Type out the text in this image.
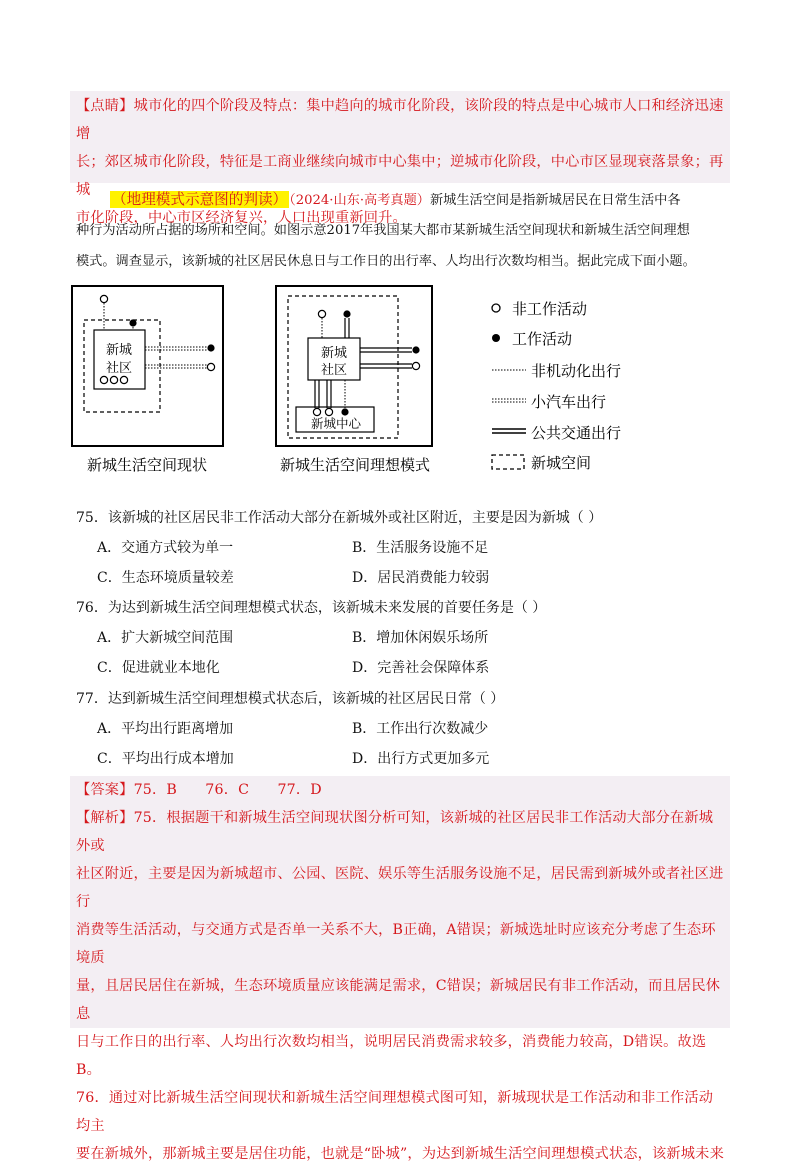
【点睛】城市化的四个阶段及特点：集中趋向的城市化阶段，该阶段的特点是中心城市人口和经济迅速增
长；郊区城市化阶段，特征是工商业继续向城市中心集中；逆城市化阶段，中心市区显现衰落景象；再城
市化阶段，中心市区经济复兴，人口出现重新回升。
（地理模式示意图的判读） （2024·山东·高考真题）新城生活空间是指新城居民在日常生活中各
种行为活动所占据的场所和空间。如图示意2017年我国某大都市某新城生活空间现状和新城生活空间理想
模式。调查显示，该新城的社区居民休息日与工作日的出行率、人均出行次数均相当。据此完成下面小题。
新城
社区
新城生活空间现状
新城
社区
新城中心
新城生活空间理想模式
非工作活动
工作活动
非机动化出行
小汽车出行
公共交通出行
新城空间
75．该新城的社区居民非工作活动大部分在新城外或社区附近，主要是因为新城（ ）
A．交通方式较为单一	B．生活服务设施不足
C．生态环境质量较差	D．居民消费能力较弱
76．为达到新城生活空间理想模式状态，该新城未来发展的首要任务是（ ）
A．扩大新城空间范围	B．增加休闲娱乐场所
C．促进就业本地化	D．完善社会保障体系
77．达到新城生活空间理想模式状态后，该新城的社区居民日常（ ）
A．平均出行距离增加	B．工作出行次数减少
C．平均出行成本增加	D．出行方式更加多元
【答案】75．B      76．C      77．D
【解析】75．根据题干和新城生活空间现状图分析可知，该新城的社区居民非工作活动大部分在新城外或
社区附近，主要是因为新城超市、公园、医院、娱乐等生活服务设施不足，居民需到新城外或者社区进行
消费等生活活动，与交通方式是否单一关系不大，B正确，A错误；新城选址时应该充分考虑了生态环境质
量，且居民居住在新城，生态环境质量应该能满足需求，C错误；新城居民有非工作活动，而且居民休息
日与工作日的出行率、人均出行次数均相当，说明居民消费需求较多，消费能力较高，D错误。故选B。
76．通过对比新城生活空间现状和新城生活空间理想模式图可知，新城现状是工作活动和非工作活动均主
要在新城外，那新城主要是居住功能，也就是“卧城”，为达到新城生活空间理想模式状态，该新城未来
